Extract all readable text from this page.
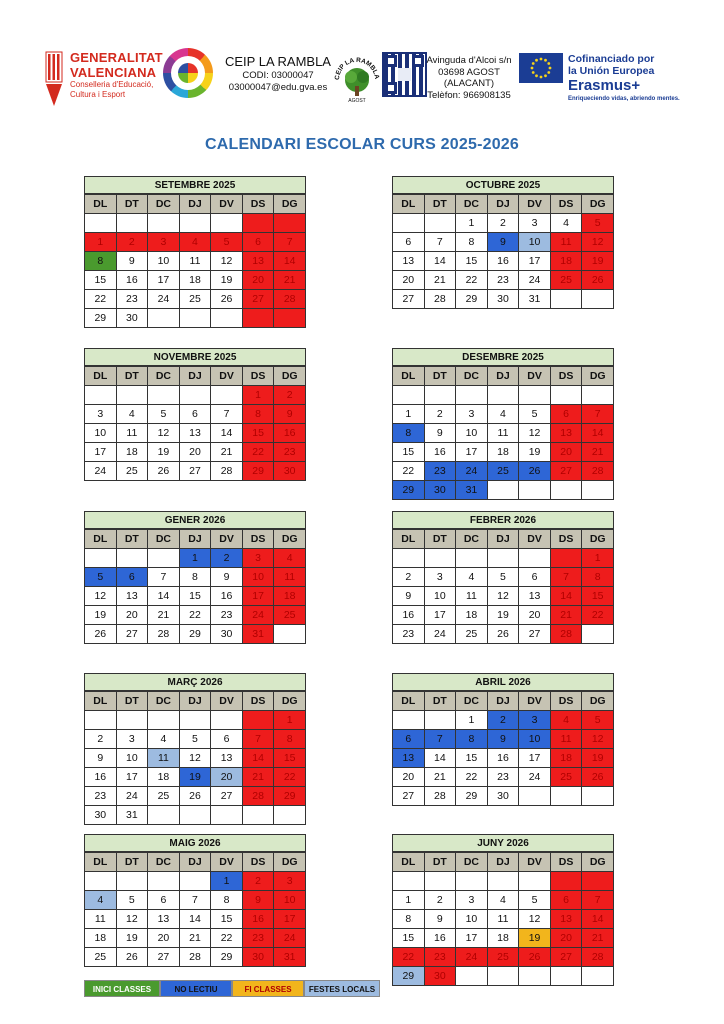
GENERALITAT
VALENCIANA
Conselleria d'Educació,
Cultura i Esport
CEIP LA RAMBLA
CODI: 03000047
03000047@edu.gva.es
CEIP LA RAMBLA
AGOST
Avinguda d'Alcoi s/n
03698 AGOST
(ALACANT)
Telèfon: 966908135
Cofinanciado por
la Unión Europea
Erasmus+
Enriqueciendo vidas, abriendo mentes.
CALENDARI ESCOLAR CURS 2025-2026
SETEMBRE 2025
DL	DT	DC	DJ	DV	DS	DG

1	2	3	4	5	6	7
8	9	10	11	12	13	14
15	16	17	18	19	20	21
22	23	24	25	26	27	28
29	30					
OCTUBRE 2025
DL	DT	DC	DJ	DV	DS	DG
		1	2	3	4	5
6	7	8	9	10	11	12
13	14	15	16	17	18	19
20	21	22	23	24	25	26
27	28	29	30	31		
NOVEMBRE 2025
DL	DT	DC	DJ	DV	DS	DG
					1	2
3	4	5	6	7	8	9
10	11	12	13	14	15	16
17	18	19	20	21	22	23
24	25	26	27	28	29	30
DESEMBRE 2025
DL	DT	DC	DJ	DV	DS	DG

1	2	3	4	5	6	7
8	9	10	11	12	13	14
15	16	17	18	19	20	21
22	23	24	25	26	27	28
29	30	31				
GENER 2026
DL	DT	DC	DJ	DV	DS	DG
			1	2	3	4
5	6	7	8	9	10	11
12	13	14	15	16	17	18
19	20	21	22	23	24	25
26	27	28	29	30	31	
FEBRER 2026
DL	DT	DC	DJ	DV	DS	DG
						1
2	3	4	5	6	7	8
9	10	11	12	13	14	15
16	17	18	19	20	21	22
23	24	25	26	27	28	
MARÇ 2026
DL	DT	DC	DJ	DV	DS	DG
						1
2	3	4	5	6	7	8
9	10	11	12	13	14	15
16	17	18	19	20	21	22
23	24	25	26	27	28	29
30	31					
ABRIL 2026
DL	DT	DC	DJ	DV	DS	DG
		1	2	3	4	5
6	7	8	9	10	11	12
13	14	15	16	17	18	19
20	21	22	23	24	25	26
27	28	29	30			
MAIG 2026
DL	DT	DC	DJ	DV	DS	DG
				1	2	3
4	5	6	7	8	9	10
11	12	13	14	15	16	17
18	19	20	21	22	23	24
25	26	27	28	29	30	31
JUNY 2026
DL	DT	DC	DJ	DV	DS	DG

1	2	3	4	5	6	7
8	9	10	11	12	13	14
15	16	17	18	19	20	21
22	23	24	25	26	27	28
29	30					
INICI CLASSES	NO LECTIU	FI CLASSES	FESTES LOCALS
